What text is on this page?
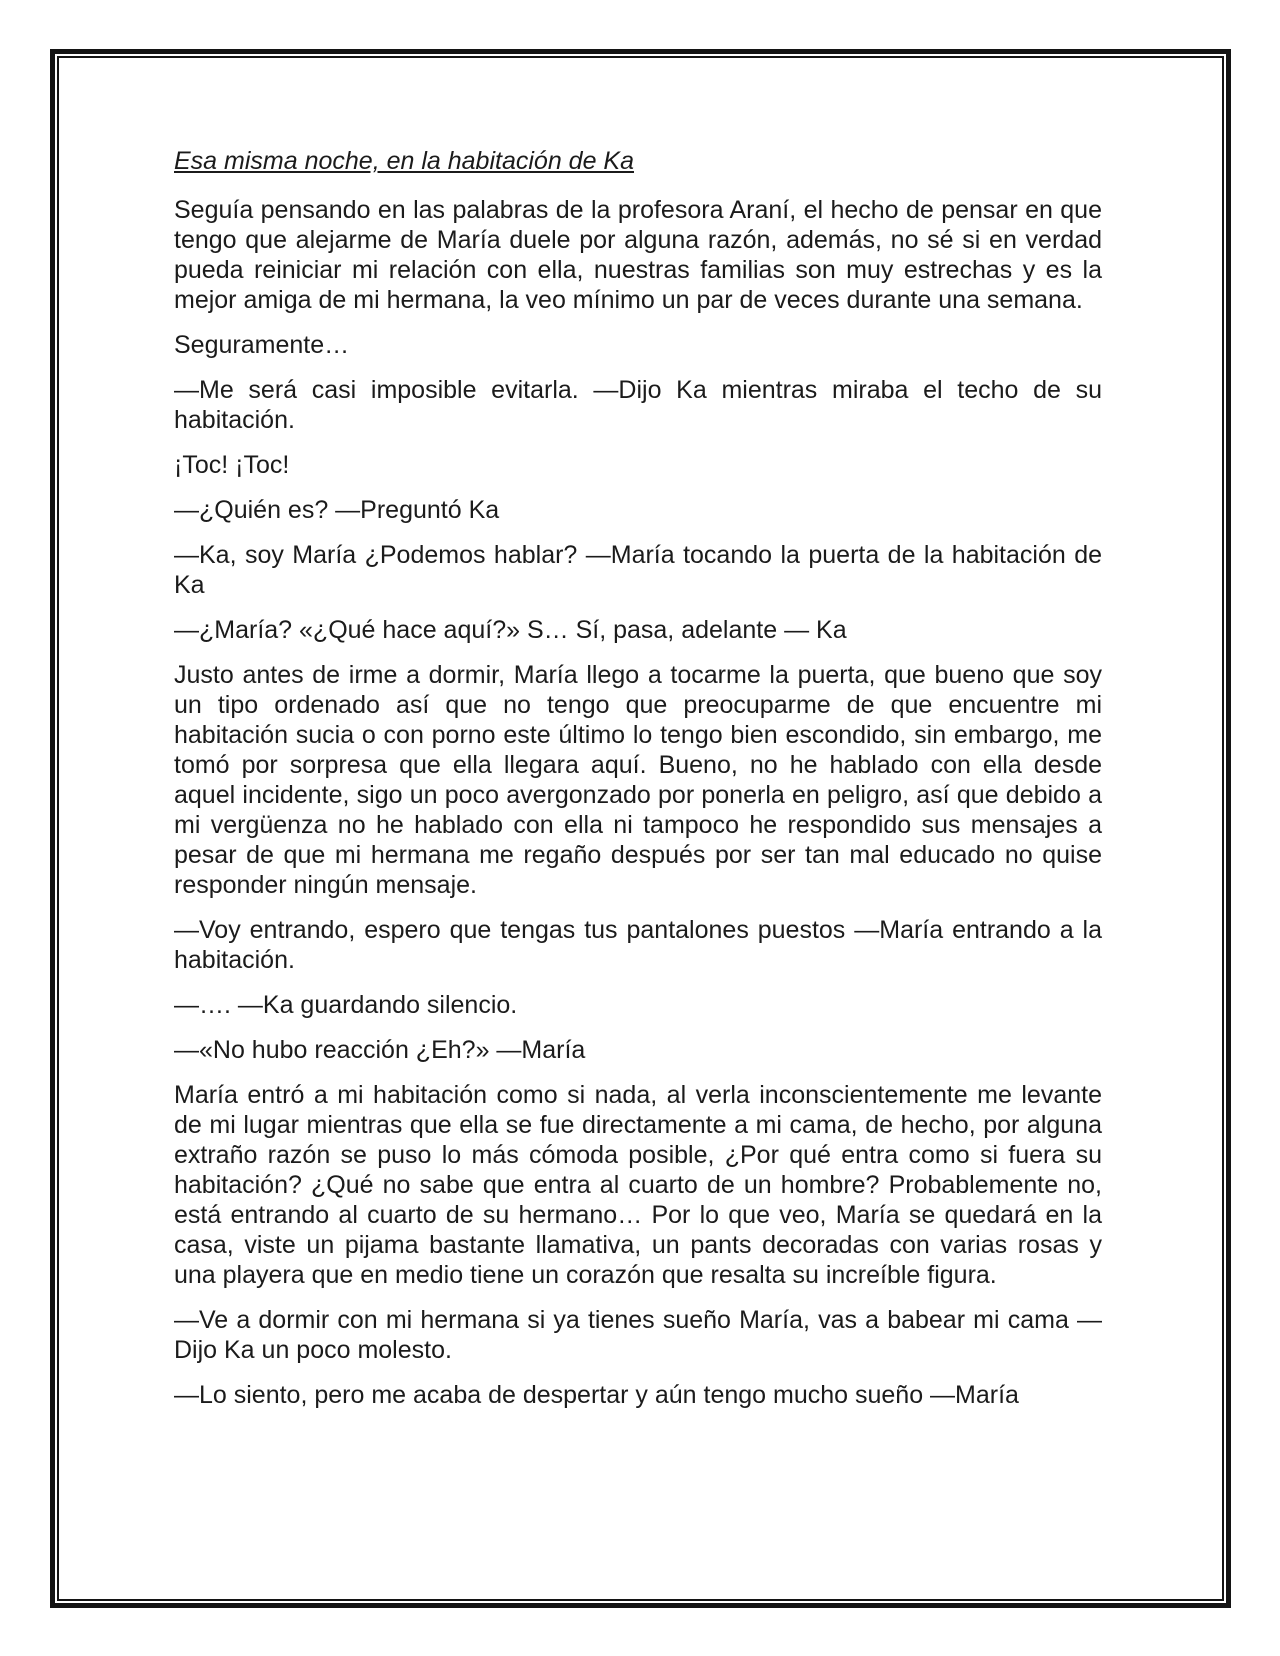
Esa misma noche, en la habitación de Ka

Seguía pensando en las palabras de la profesora Araní, el hecho de pensar en que tengo que alejarme de María duele por alguna razón, además, no sé si en verdad pueda reiniciar mi relación con ella, nuestras familias son muy estrechas y es la mejor amiga de mi hermana, la veo mínimo un par de veces durante una semana.

Seguramente…

—Me será casi imposible evitarla. —Dijo Ka mientras miraba el techo de su habitación.

¡Toc! ¡Toc!

—¿Quién es? —Preguntó Ka

—Ka, soy María ¿Podemos hablar? —María tocando la puerta de la habitación de Ka

—¿María? «¿Qué hace aquí?» S… Sí, pasa, adelante — Ka

Justo antes de irme a dormir, María llego a tocarme la puerta, que bueno que soy un tipo ordenado así que no tengo que preocuparme de que encuentre mi habitación sucia o con porno este último lo tengo bien escondido, sin embargo, me tomó por sorpresa que ella llegara aquí. Bueno, no he hablado con ella desde aquel incidente, sigo un poco avergonzado por ponerla en peligro, así que debido a mi vergüenza no he hablado con ella ni tampoco he respondido sus mensajes a pesar de que mi hermana me regaño después por ser tan mal educado no quise responder ningún mensaje.

—Voy entrando, espero que tengas tus pantalones puestos —María entrando a la habitación.

—…. —Ka guardando silencio.

—«No hubo reacción ¿Eh?» —María

María entró a mi habitación como si nada, al verla inconscientemente me levante de mi lugar mientras que ella se fue directamente a mi cama, de hecho, por alguna extraño razón se puso lo más cómoda posible, ¿Por qué entra como si fuera su habitación? ¿Qué no sabe que entra al cuarto de un hombre? Probablemente no, está entrando al cuarto de su hermano… Por lo que veo, María se quedará en la casa, viste un pijama bastante llamativa, un pants decoradas con varias rosas y una playera que en medio tiene un corazón que resalta su increíble figura.

—Ve a dormir con mi hermana si ya tienes sueño María, vas a babear mi cama — Dijo Ka un poco molesto.

—Lo siento, pero me acaba de despertar y aún tengo mucho sueño —María
